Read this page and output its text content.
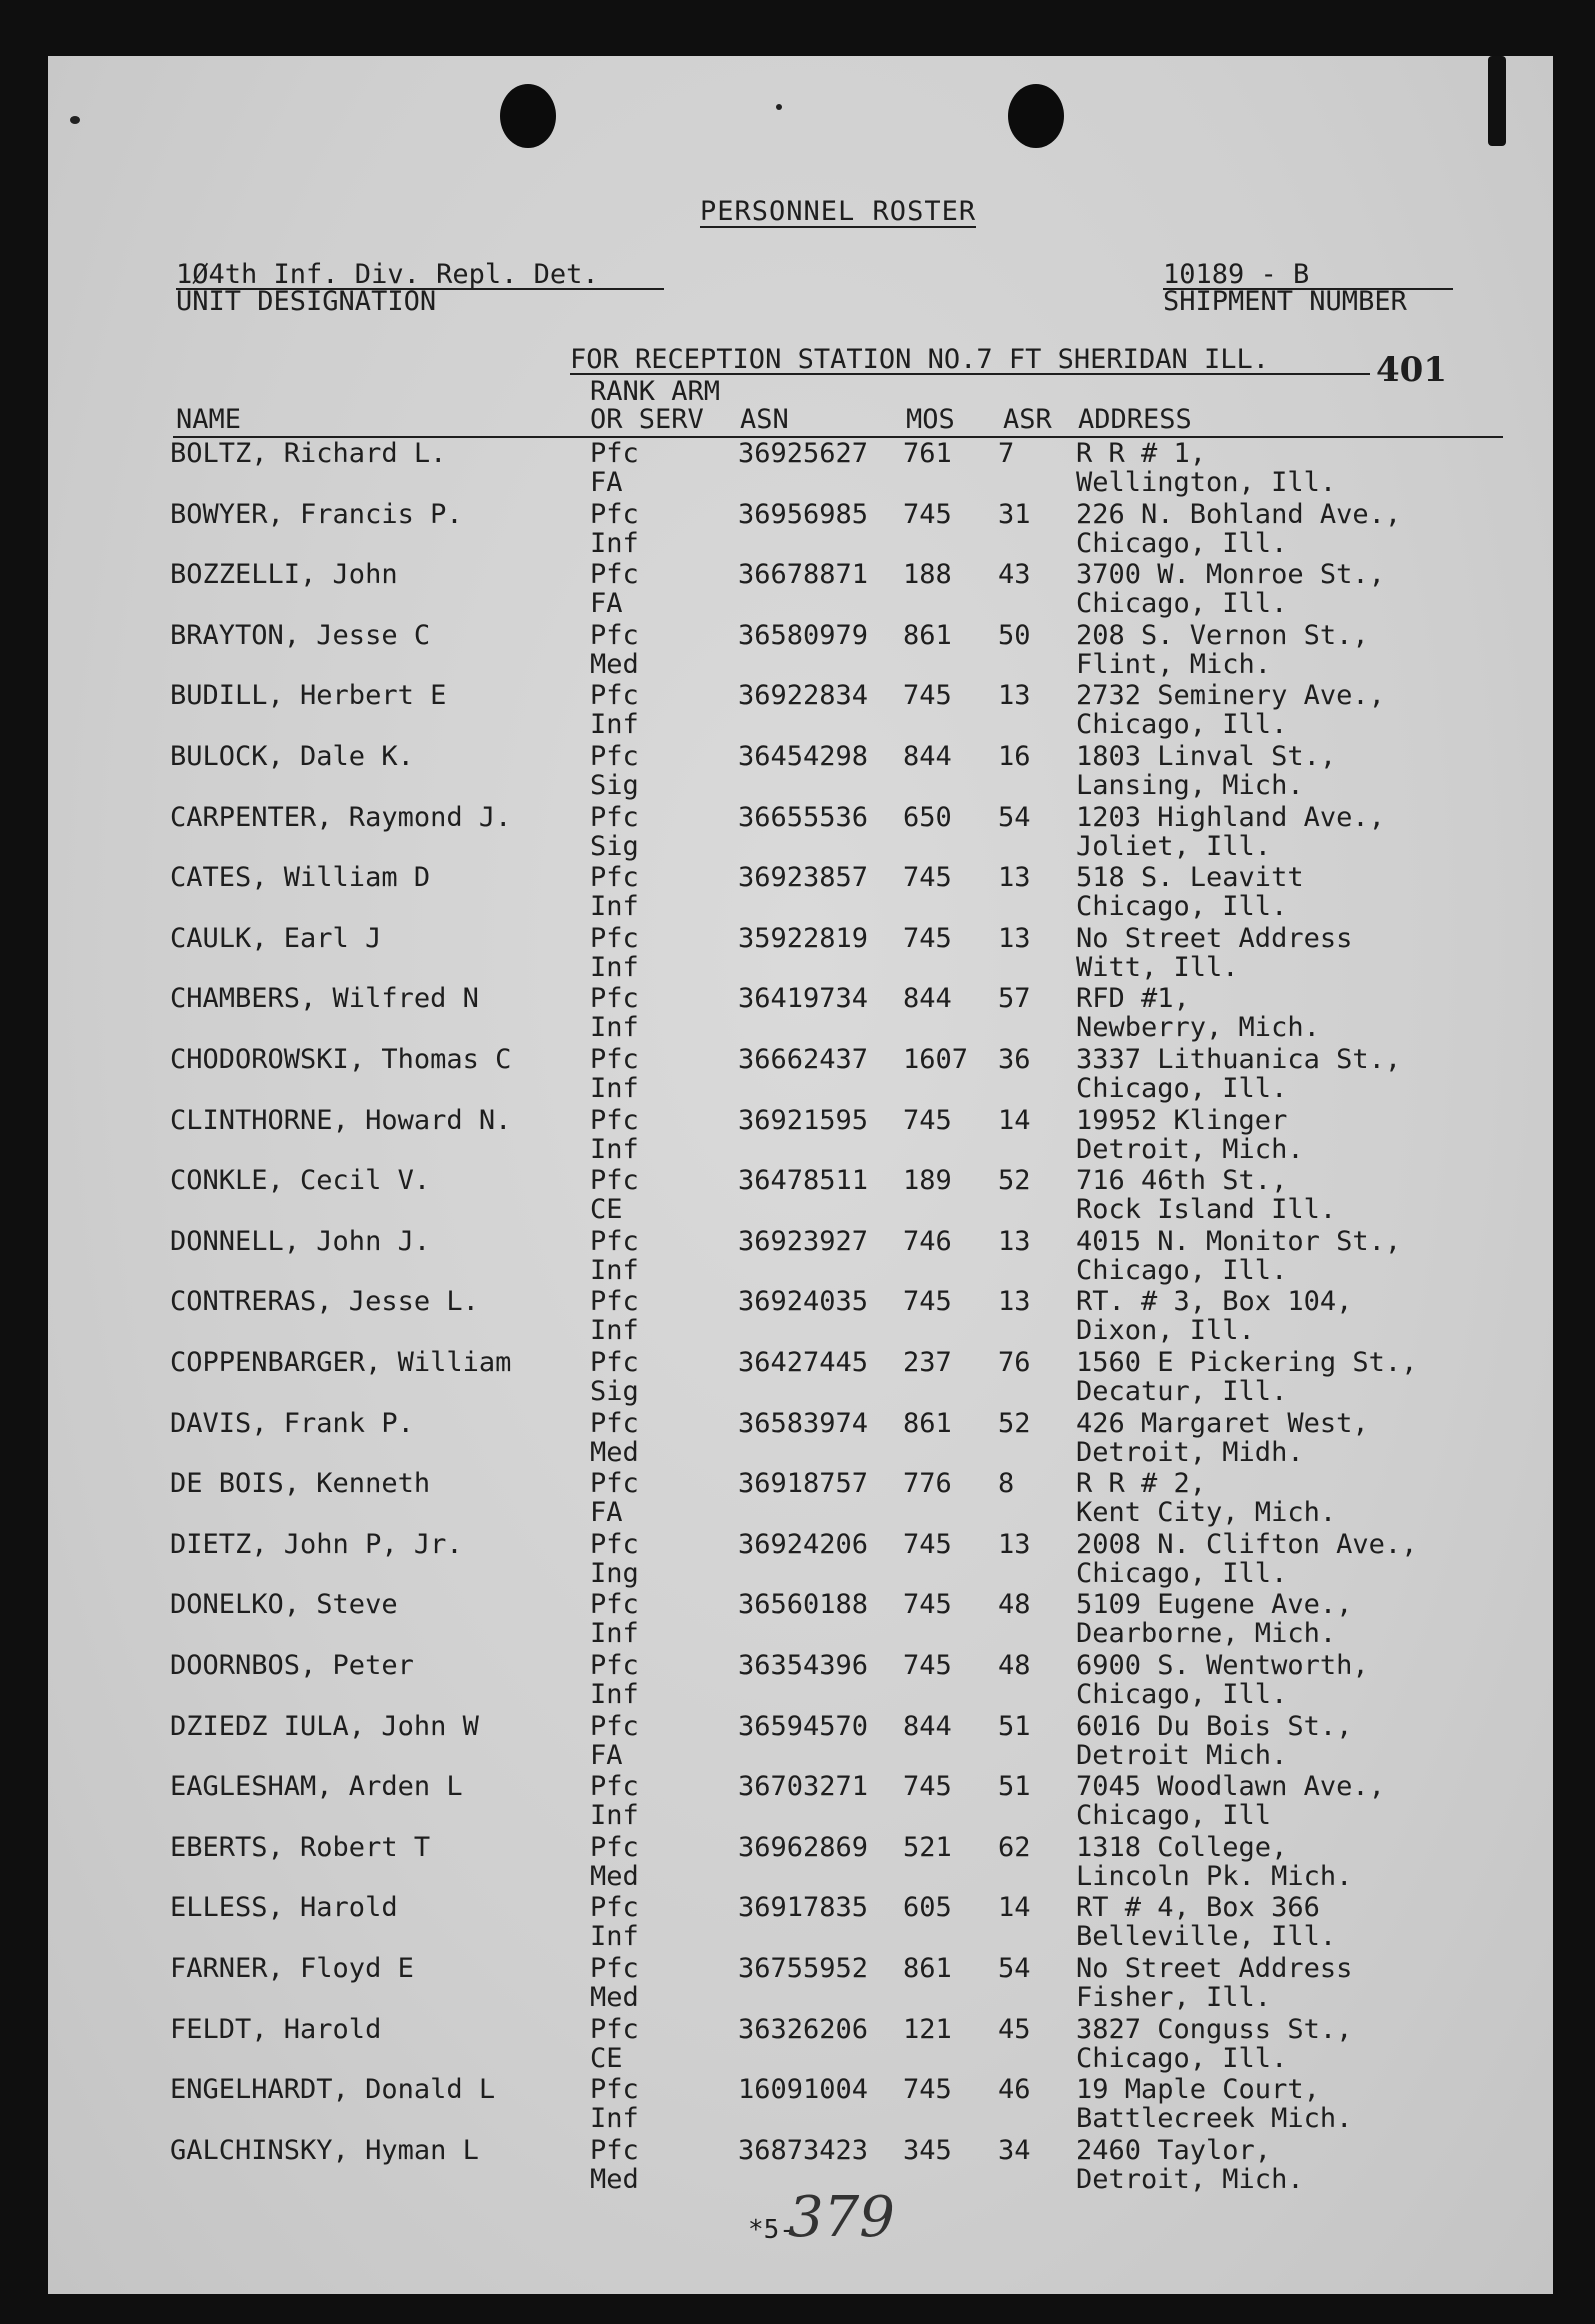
PERSONNEL ROSTER
1Ø4th Inf. Div. Repl. Det.
UNIT DESIGNATION
10189 - B
SHIPMENT NUMBER
FOR RECEPTION STATION NO.7 FT SHERIDAN ILL.	401
RANK ARM
NAME	OR SERV ASN	MOS ASR ADDRESS
BOLTZ, Richard L.	Pfc	36925627 761 7 R R # 1,
FA	Wellington, Ill.
BOWYER, Francis P.	Pfc	36956985 745 31 226 N. Bohland Ave.,
Inf	Chicago, Ill.
BOZZELLI, John	Pfc	36678871 188 43 3700 W. Monroe St.,
FA	Chicago, Ill.
BRAYTON, Jesse C	Pfc	36580979 861 50 208 S. Vernon St.,
Med	Flint, Mich.
BUDILL, Herbert E	Pfc	36922834 745 13 2732 Seminery Ave.,
Inf	Chicago, Ill.
BULOCK, Dale K.	Pfc	36454298 844 16 1803 Linval St.,
Sig	Lansing, Mich.
CARPENTER, Raymond J.	Pfc	36655536 650 54 1203 Highland Ave.,
Sig	Joliet, Ill.
CATES, William D	Pfc	36923857 745 13 518 S. Leavitt
Inf	Chicago, Ill.
CAULK, Earl J	Pfc	35922819 745 13 No Street Address
Inf	Witt, Ill.
CHAMBERS, Wilfred N	Pfc	36419734 844 57 RFD #1,
Inf	Newberry, Mich.
CHODOROWSKI, Thomas C	Pfc	36662437 1607 36 3337 Lithuanica St.,
Inf	Chicago, Ill.
CLINTHORNE, Howard N.	Pfc	36921595 745 14 19952 Klinger
Inf	Detroit, Mich.
CONKLE, Cecil V.	Pfc	36478511 189 52 716 46th St.,
CE	Rock Island Ill.
DONNELL, John J.	Pfc	36923927 746 13 4015 N. Monitor St.,
Inf	Chicago, Ill.
CONTRERAS, Jesse L.	Pfc	36924035 745 13 RT. # 3, Box 104,
Inf	Dixon, Ill.
COPPENBARGER, William	Pfc	36427445 237 76 1560 E Pickering St.,
Sig	Decatur, Ill.
DAVIS, Frank P.	Pfc	36583974 861 52 426 Margaret West,
Med	Detroit, Midh.
DE BOIS, Kenneth	Pfc	36918757 776 8 R R # 2,
FA	Kent City, Mich.
DIETZ, John P, Jr.	Pfc	36924206 745 13 2008 N. Clifton Ave.,
Ing	Chicago, Ill.
DONELKO, Steve	Pfc	36560188 745 48 5109 Eugene Ave.,
Inf	Dearborne, Mich.
DOORNBOS, Peter	Pfc	36354396 745 48 6900 S. Wentworth,
Inf	Chicago, Ill.
DZIEDZ IULA, John W	Pfc	36594570 844 51 6016 Du Bois St.,
FA	Detroit Mich.
EAGLESHAM, Arden L	Pfc	36703271 745 51 7045 Woodlawn Ave.,
Inf	Chicago, Ill
EBERTS, Robert T	Pfc	36962869 521 62 1318 College,
Med	Lincoln Pk. Mich.
ELLESS, Harold	Pfc	36917835 605 14 RT # 4, Box 366
Inf	Belleville, Ill.
FARNER, Floyd E	Pfc	36755952 861 54 No Street Address
Med	Fisher, Ill.
FELDT, Harold	Pfc	36326206 121 45 3827 Conguss St.,
CE	Chicago, Ill.
ENGELHARDT, Donald L	Pfc	16091004 745 46 19 Maple Court,
Inf	Battlecreek Mich.
GALCHINSKY, Hyman L	Pfc	36873423 345 34 2460 Taylor,
Med	Detroit, Mich.
*5-
379
